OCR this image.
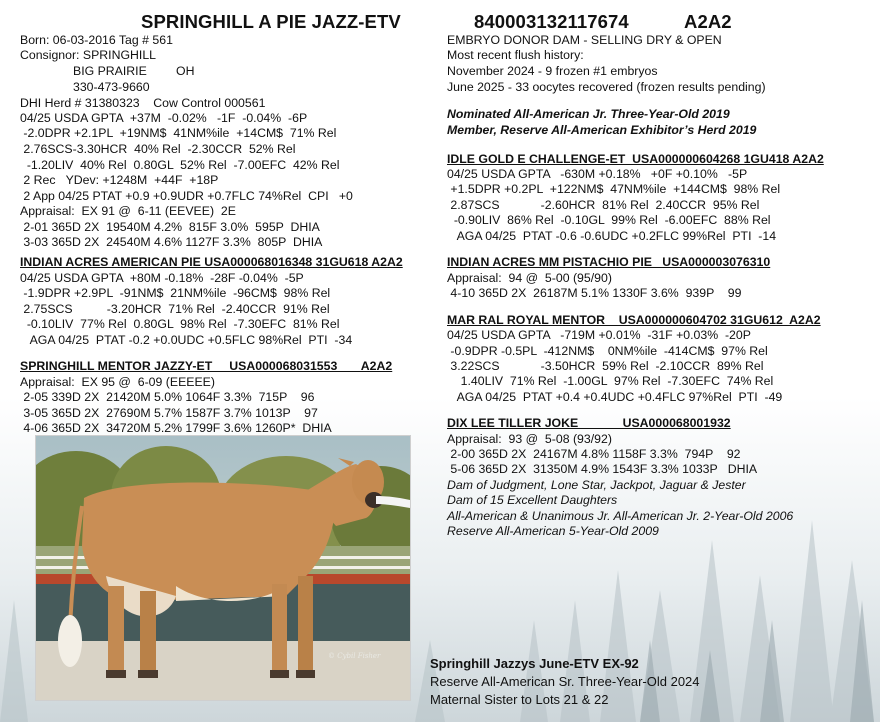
SPRINGHILL A PIE JAZZ-ETV	840003132117674	A2A2
Born: 06-03-2016 Tag # 561
Consignor: SPRINGHILL
BIG PRAIRIE OH
330-473-9660
DHI Herd # 31380323    Cow Control 000561
04/25 USDA GPTA  +37M  -0.02%   -1F  -0.04%  -6P
-2.0DPR +2.1PL  +19NM$  41NM%ile  +14CM$  71% Rel
2.76SCS-3.30HCR  40% Rel  -2.30CCR  52% Rel
-1.20LIV  40% Rel  0.80GL  52% Rel  -7.00EFC  42% Rel
2 Rec   YDev: +1248M  +44F  +18P
2 App 04/25 PTAT +0.9 +0.9UDR +0.7FLC 74%Rel  CPI   +0
Appraisal:  EX 91 @  6-11 (EEVEE)  2E
2-01 365D 2X  19540M 4.2%  815F 3.0%  595P  DHIA
3-03 365D 2X  24540M 4.6% 1127F 3.3%  805P  DHIA
INDIAN ACRES AMERICAN PIE USA000068016348 31GU618 A2A2
04/25 USDA GPTA  +80M -0.18%  -28F -0.04%  -5P
-1.9DPR +2.9PL  -91NM$  21NM%ile  -96CM$  98% Rel
2.75SCS          -3.20HCR  71% Rel  -2.40CCR  91% Rel
-0.10LIV  77% Rel  0.80GL  98% Rel  -7.30EFC  81% Rel
AGA 04/25  PTAT -0.2 +0.0UDC +0.5FLC 98%Rel  PTI  -34
SPRINGHILL MENTOR JAZZY-ET     USA000068031553       A2A2
Appraisal:  EX 95 @  6-09 (EEEEE)
2-05 339D 2X  21420M 5.0% 1064F 3.3%  715P    96
3-05 365D 2X  27690M 5.7% 1587F 3.7% 1013P    97
4-06 365D 2X  34720M 5.2% 1799F 3.6% 1260P*  DHIA
EMBRYO DONOR DAM - SELLING DRY & OPEN
Most recent flush history:
November 2024 - 9 frozen #1 embryos
June 2025 - 33 oocytes recovered (frozen results pending)
Nominated All-American Jr. Three-Year-Old 2019
Member, Reserve All-American Exhibitor’s Herd 2019
IDLE GOLD E CHALLENGE-ET  USA000000604268 1GU418 A2A2
04/25 USDA GPTA   -630M +0.18%   +0F +0.10%   -5P
+1.5DPR +0.2PL  +122NM$  47NM%ile  +144CM$  98% Rel
2.87SCS            -2.60HCR  81% Rel  2.40CCR  95% Rel
-0.90LIV  86% Rel  -0.10GL  99% Rel  -6.00EFC  88% Rel
AGA 04/25  PTAT -0.6 -0.6UDC +0.2FLC 99%Rel  PTI  -14
INDIAN ACRES MM PISTACHIO PIE   USA000003076310
Appraisal:  94 @  5-00 (95/90)
4-10 365D 2X  26187M 5.1% 1330F 3.6%  939P    99
MAR RAL ROYAL MENTOR    USA000000604702 31GU612  A2A2
04/25 USDA GPTA   -719M +0.01%  -31F +0.03%  -20P
-0.9DPR -0.5PL  -412NM$    0NM%ile  -414CM$  97% Rel
3.22SCS            -3.50HCR  59% Rel  -2.10CCR  89% Rel
1.40LIV  71% Rel  -1.00GL  97% Rel  -7.30EFC  74% Rel
AGA 04/25  PTAT +0.4 +0.4UDC +0.4FLC 97%Rel  PTI  -49
DIX LEE TILLER JOKE             USA000068001932
Appraisal:  93 @  5-08 (93/92)
2-00 365D 2X  24167M 4.8% 1158F 3.3%  794P    92
5-06 365D 2X  31350M 4.9% 1543F 3.3% 1033P   DHIA
Dam of Judgment, Lone Star, Jackpot, Jaguar & Jester
Dam of 15 Excellent Daughters
All-American & Unanimous Jr. All-American Jr. 2-Year-Old 2006
Reserve All-American 5-Year-Old 2009
© Cybil Fisher	Springhill Jazzys June-ETV EX-92
Reserve All-American Sr. Three-Year-Old 2024
Maternal Sister to Lots 21 & 22
